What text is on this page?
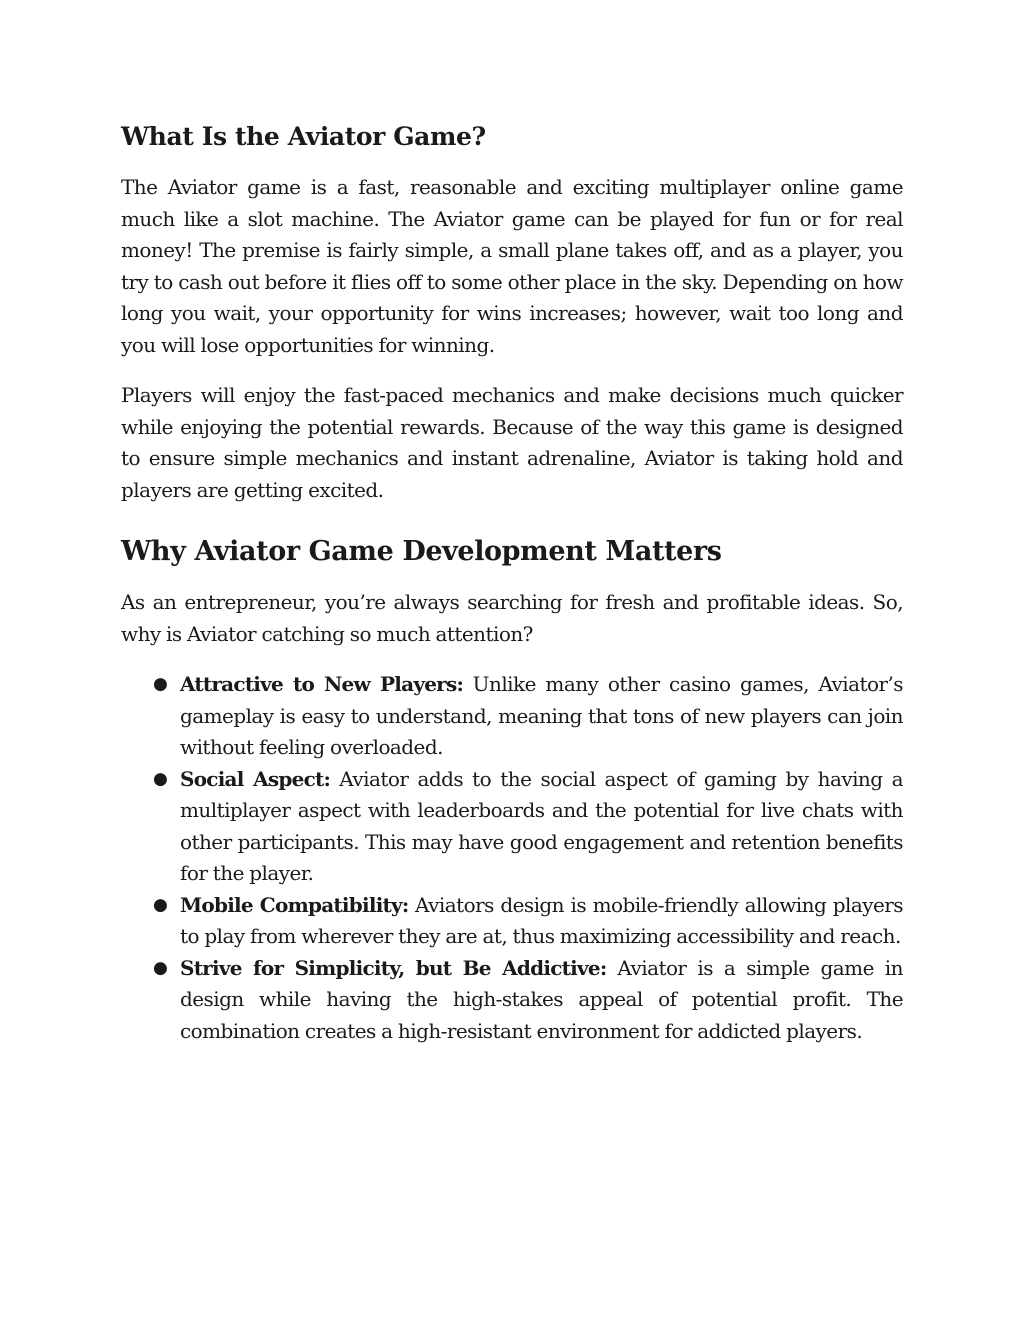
What Is the Aviator Game?

The Aviator game is a fast, reasonable and exciting multiplayer online game much like a slot machine. The Aviator game can be played for fun or for real money! The premise is fairly simple, a small plane takes off, and as a player, you try to cash out before it flies off to some other place in the sky. Depending on how long you wait, your opportunity for wins increases; however, wait too long and you will lose opportunities for winning.

Players will enjoy the fast-paced mechanics and make decisions much quicker while enjoying the potential rewards. Because of the way this game is designed to ensure simple mechanics and instant adrenaline, Aviator is taking hold and players are getting excited.

Why Aviator Game Development Matters

As an entrepreneur, you’re always searching for fresh and profitable ideas. So, why is Aviator catching so much attention?

● Attractive to New Players: Unlike many other casino games, Aviator’s gameplay is easy to understand, meaning that tons of new players can join without feeling overloaded.
● Social Aspect: Aviator adds to the social aspect of gaming by having a multiplayer aspect with leaderboards and the potential for live chats with other participants. This may have good engagement and retention benefits for the player.
● Mobile Compatibility: Aviators design is mobile-friendly allowing players to play from wherever they are at, thus maximizing accessibility and reach.
● Strive for Simplicity, but Be Addictive: Aviator is a simple game in design while having the high-stakes appeal of potential profit. The combination creates a high-resistant environment for addicted players.
